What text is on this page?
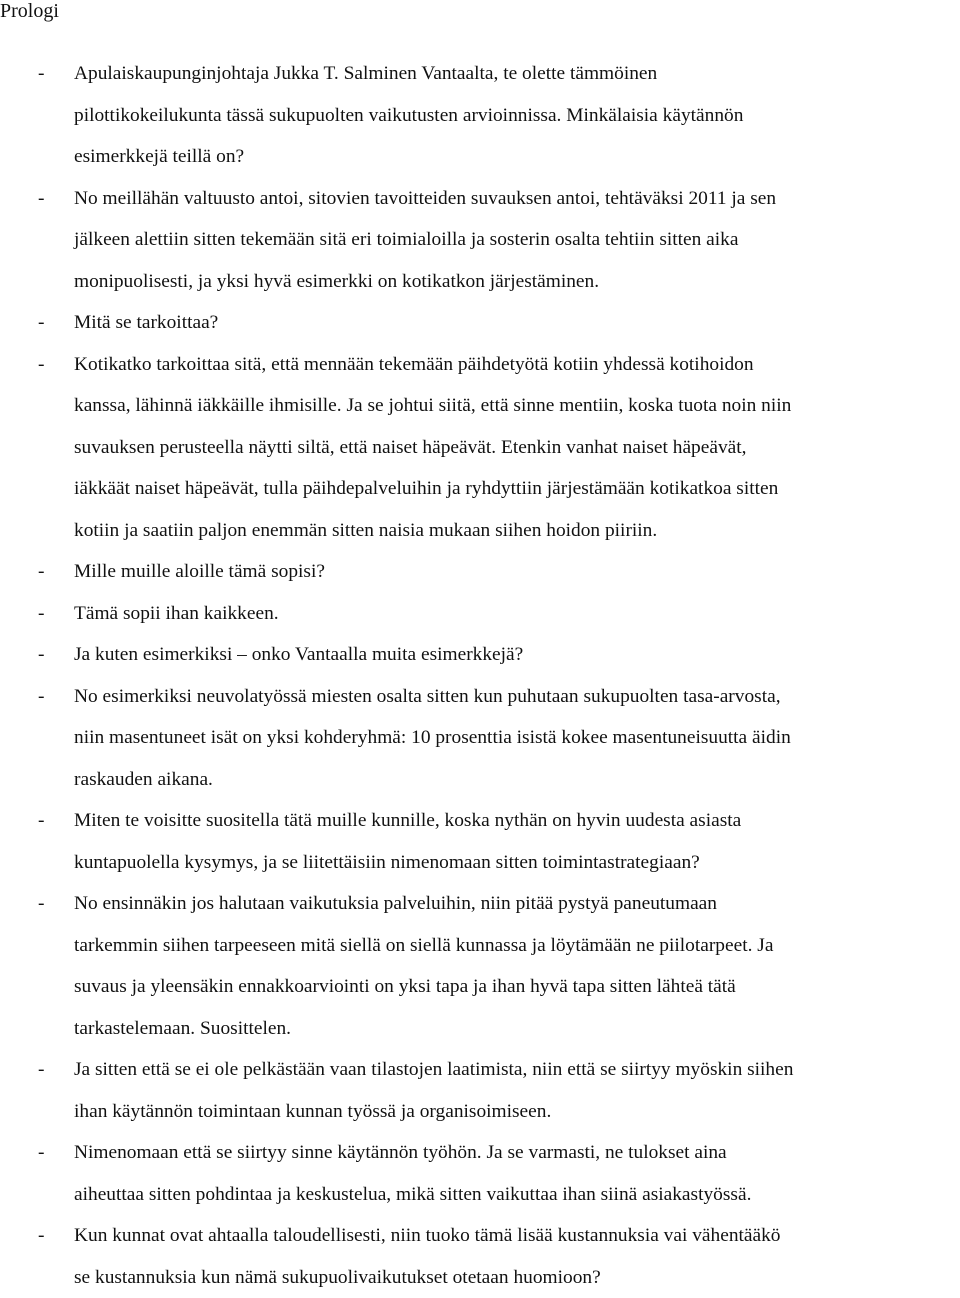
Prologi
- Apulaiskaupunginjohtaja Jukka T. Salminen Vantaalta, te olette tämmöinen
pilottikokeilukunta tässä sukupuolten vaikutusten arvioinnissa. Minkälaisia käytännön
esimerkkejä teillä on?
- No meillähän valtuusto antoi, sitovien tavoitteiden suvauksen antoi, tehtäväksi 2011 ja sen
jälkeen alettiin sitten tekemään sitä eri toimialoilla ja sosterin osalta tehtiin sitten aika
monipuolisesti, ja yksi hyvä esimerkki on kotikatkon järjestäminen.
- Mitä se tarkoittaa?
- Kotikatko tarkoittaa sitä, että mennään tekemään päihdetyötä kotiin yhdessä kotihoidon
kanssa, lähinnä iäkkäille ihmisille. Ja se johtui siitä, että sinne mentiin, koska tuota noin niin
suvauksen perusteella näytti siltä, että naiset häpeävät. Etenkin vanhat naiset häpeävät,
iäkkäät naiset häpeävät, tulla päihdepalveluihin ja ryhdyttiin järjestämään kotikatkoa sitten
kotiin ja saatiin paljon enemmän sitten naisia mukaan siihen hoidon piiriin.
- Mille muille aloille tämä sopisi?
- Tämä sopii ihan kaikkeen.
- Ja kuten esimerkiksi – onko Vantaalla muita esimerkkejä?
- No esimerkiksi neuvolatyössä miesten osalta sitten kun puhutaan sukupuolten tasa-arvosta,
niin masentuneet isät on yksi kohderyhmä: 10 prosenttia isistä kokee masentuneisuutta äidin
raskauden aikana.
- Miten te voisitte suositella tätä muille kunnille, koska nythän on hyvin uudesta asiasta
kuntapuolella kysymys, ja se liitettäisiin nimenomaan sitten toimintastrategiaan?
- No ensinnäkin jos halutaan vaikutuksia palveluihin, niin pitää pystyä paneutumaan
tarkemmin siihen tarpeeseen mitä siellä on siellä kunnassa ja löytämään ne piilotarpeet. Ja
suvaus ja yleensäkin ennakkoarviointi on yksi tapa ja ihan hyvä tapa sitten lähteä tätä
tarkastelemaan. Suosittelen.
- Ja sitten että se ei ole pelkästään vaan tilastojen laatimista, niin että se siirtyy myöskin siihen
ihan käytännön toimintaan kunnan työssä ja organisoimiseen.
- Nimenomaan että se siirtyy sinne käytännön työhön. Ja se varmasti, ne tulokset aina
aiheuttaa sitten pohdintaa ja keskustelua, mikä sitten vaikuttaa ihan siinä asiakastyössä.
- Kun kunnat ovat ahtaalla taloudellisesti, niin tuoko tämä lisää kustannuksia vai vähentääkö
se kustannuksia kun nämä sukupuolivaikutukset otetaan huomioon?
